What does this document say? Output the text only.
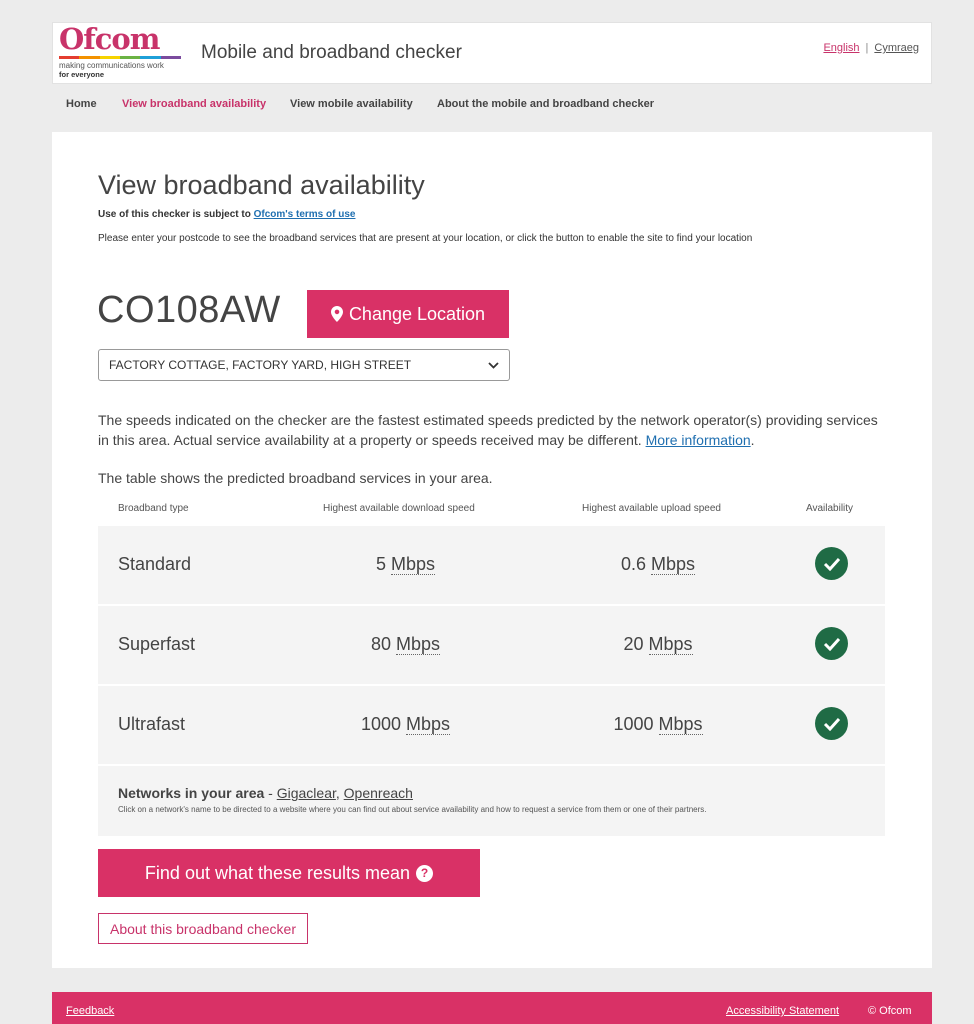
Ofcom
making communications work
for everyone
Mobile and broadband checker	English | Cymraeg
Home View broadband availability View mobile availability About the mobile and broadband checker
View broadband availability
Use of this checker is subject to Ofcom's terms of use
Please enter your postcode to see the broadband services that are present at your location, or click the button to enable the site to find your location
CO108AW	Change Location
FACTORY COTTAGE, FACTORY YARD, HIGH STREET

The speeds indicated on the checker are the fastest estimated speeds predicted by the network operator(s) providing services in this area. Actual service availability at a property or speeds received may be different. More information.

The table shows the predicted broadband services in your area.

Broadband type	Highest available download speed	Highest available upload speed	Availability
Standard	5 Mbps	0.6 Mbps
Superfast	80 Mbps	20 Mbps
Ultrafast	1000 Mbps	1000 Mbps
Networks in your area - Gigaclear, Openreach
Click on a network's name to be directed to a website where you can find out about service availability and how to request a service from them or one of their partners.
Find out what these results mean ?
About this broadband checker
Feedback	Accessibility Statement	© Ofcom
